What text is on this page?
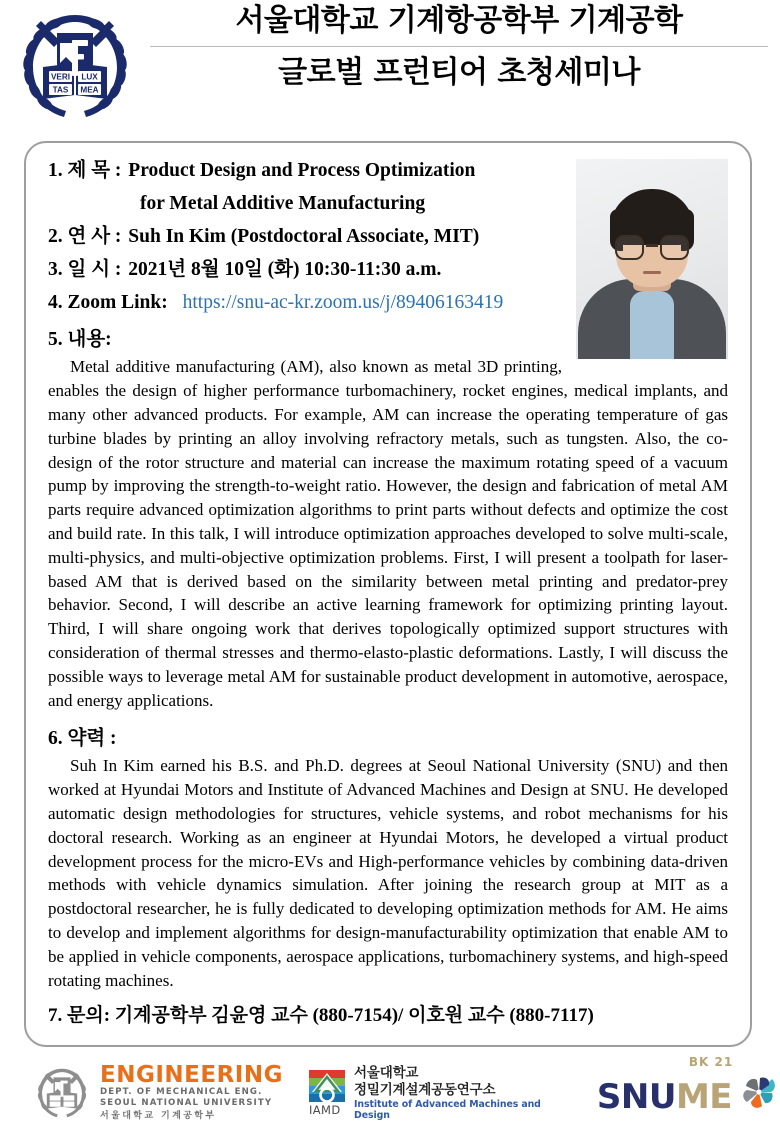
VERI
TAS
LUX
MEA
서울대학교 기계항공학부 기계공학
글로벌 프런티어 초청세미나
1. 제 목 : Product Design and Process Optimization
for Metal Additive Manufacturing
2. 연 사 : Suh In Kim (Postdoctoral Associate, MIT)
3. 일 시 : 2021년 8월 10일 (화) 10:30-11:30 a.m.
4. Zoom Link: https://snu-ac-kr.zoom.us/j/89406163419
5. 내용:
Metal additive manufacturing (AM), also known as metal 3D printing, enables the design of higher performance turbomachinery, rocket engines, medical implants, and many other advanced products. For example, AM can increase the operating temperature of gas turbine blades by printing an alloy involving refractory metals, such as tungsten. Also, the co-design of the rotor structure and material can increase the maximum rotating speed of a vacuum pump by improving the strength-to-weight ratio. However, the design and fabrication of metal AM parts require advanced optimization algorithms to print parts without defects and optimize the cost and build rate. In this talk, I will introduce optimization approaches developed to solve multi-scale, multi-physics, and multi-objective optimization problems. First, I will present a toolpath for laser-based AM that is derived based on the similarity between metal printing and predator-prey behavior. Second, I will describe an active learning framework for optimizing printing layout. Third, I will share ongoing work that derives topologically optimized support structures with consideration of thermal stresses and thermo-elasto-plastic deformations. Lastly, I will discuss the possible ways to leverage metal AM for sustainable product development in automotive, aerospace, and energy applications.
6. 약력 :
Suh In Kim earned his B.S. and Ph.D. degrees at Seoul National University (SNU) and then worked at Hyundai Motors and Institute of Advanced Machines and Design at SNU. He developed automatic design methodologies for structures, vehicle systems, and robot mechanisms for his doctoral research. Working as an engineer at Hyundai Motors, he developed a virtual product development process for the micro-EVs and High-performance vehicles by combining data-driven methods with vehicle dynamics simulation. After joining the research group at MIT as a postdoctoral researcher, he is fully dedicated to developing optimization methods for AM. He aims to develop and implement algorithms for design-manufacturability optimization that enable AM to be applied in vehicle components, aerospace applications, turbomachinery systems, and high-speed rotating machines.
7. 문의: 기계공학부 김윤영 교수 (880-7154)/ 이호원 교수 (880-7117)
ENGINEERING
DEPT. OF MECHANICAL ENG.
SEOUL NATIONAL UNIVERSITY
서울대학교 기계공학부	IAMD
서울대학교
정밀기계설계공동연구소
Institute of Advanced Machines and Design
BK 21
SNU ME
